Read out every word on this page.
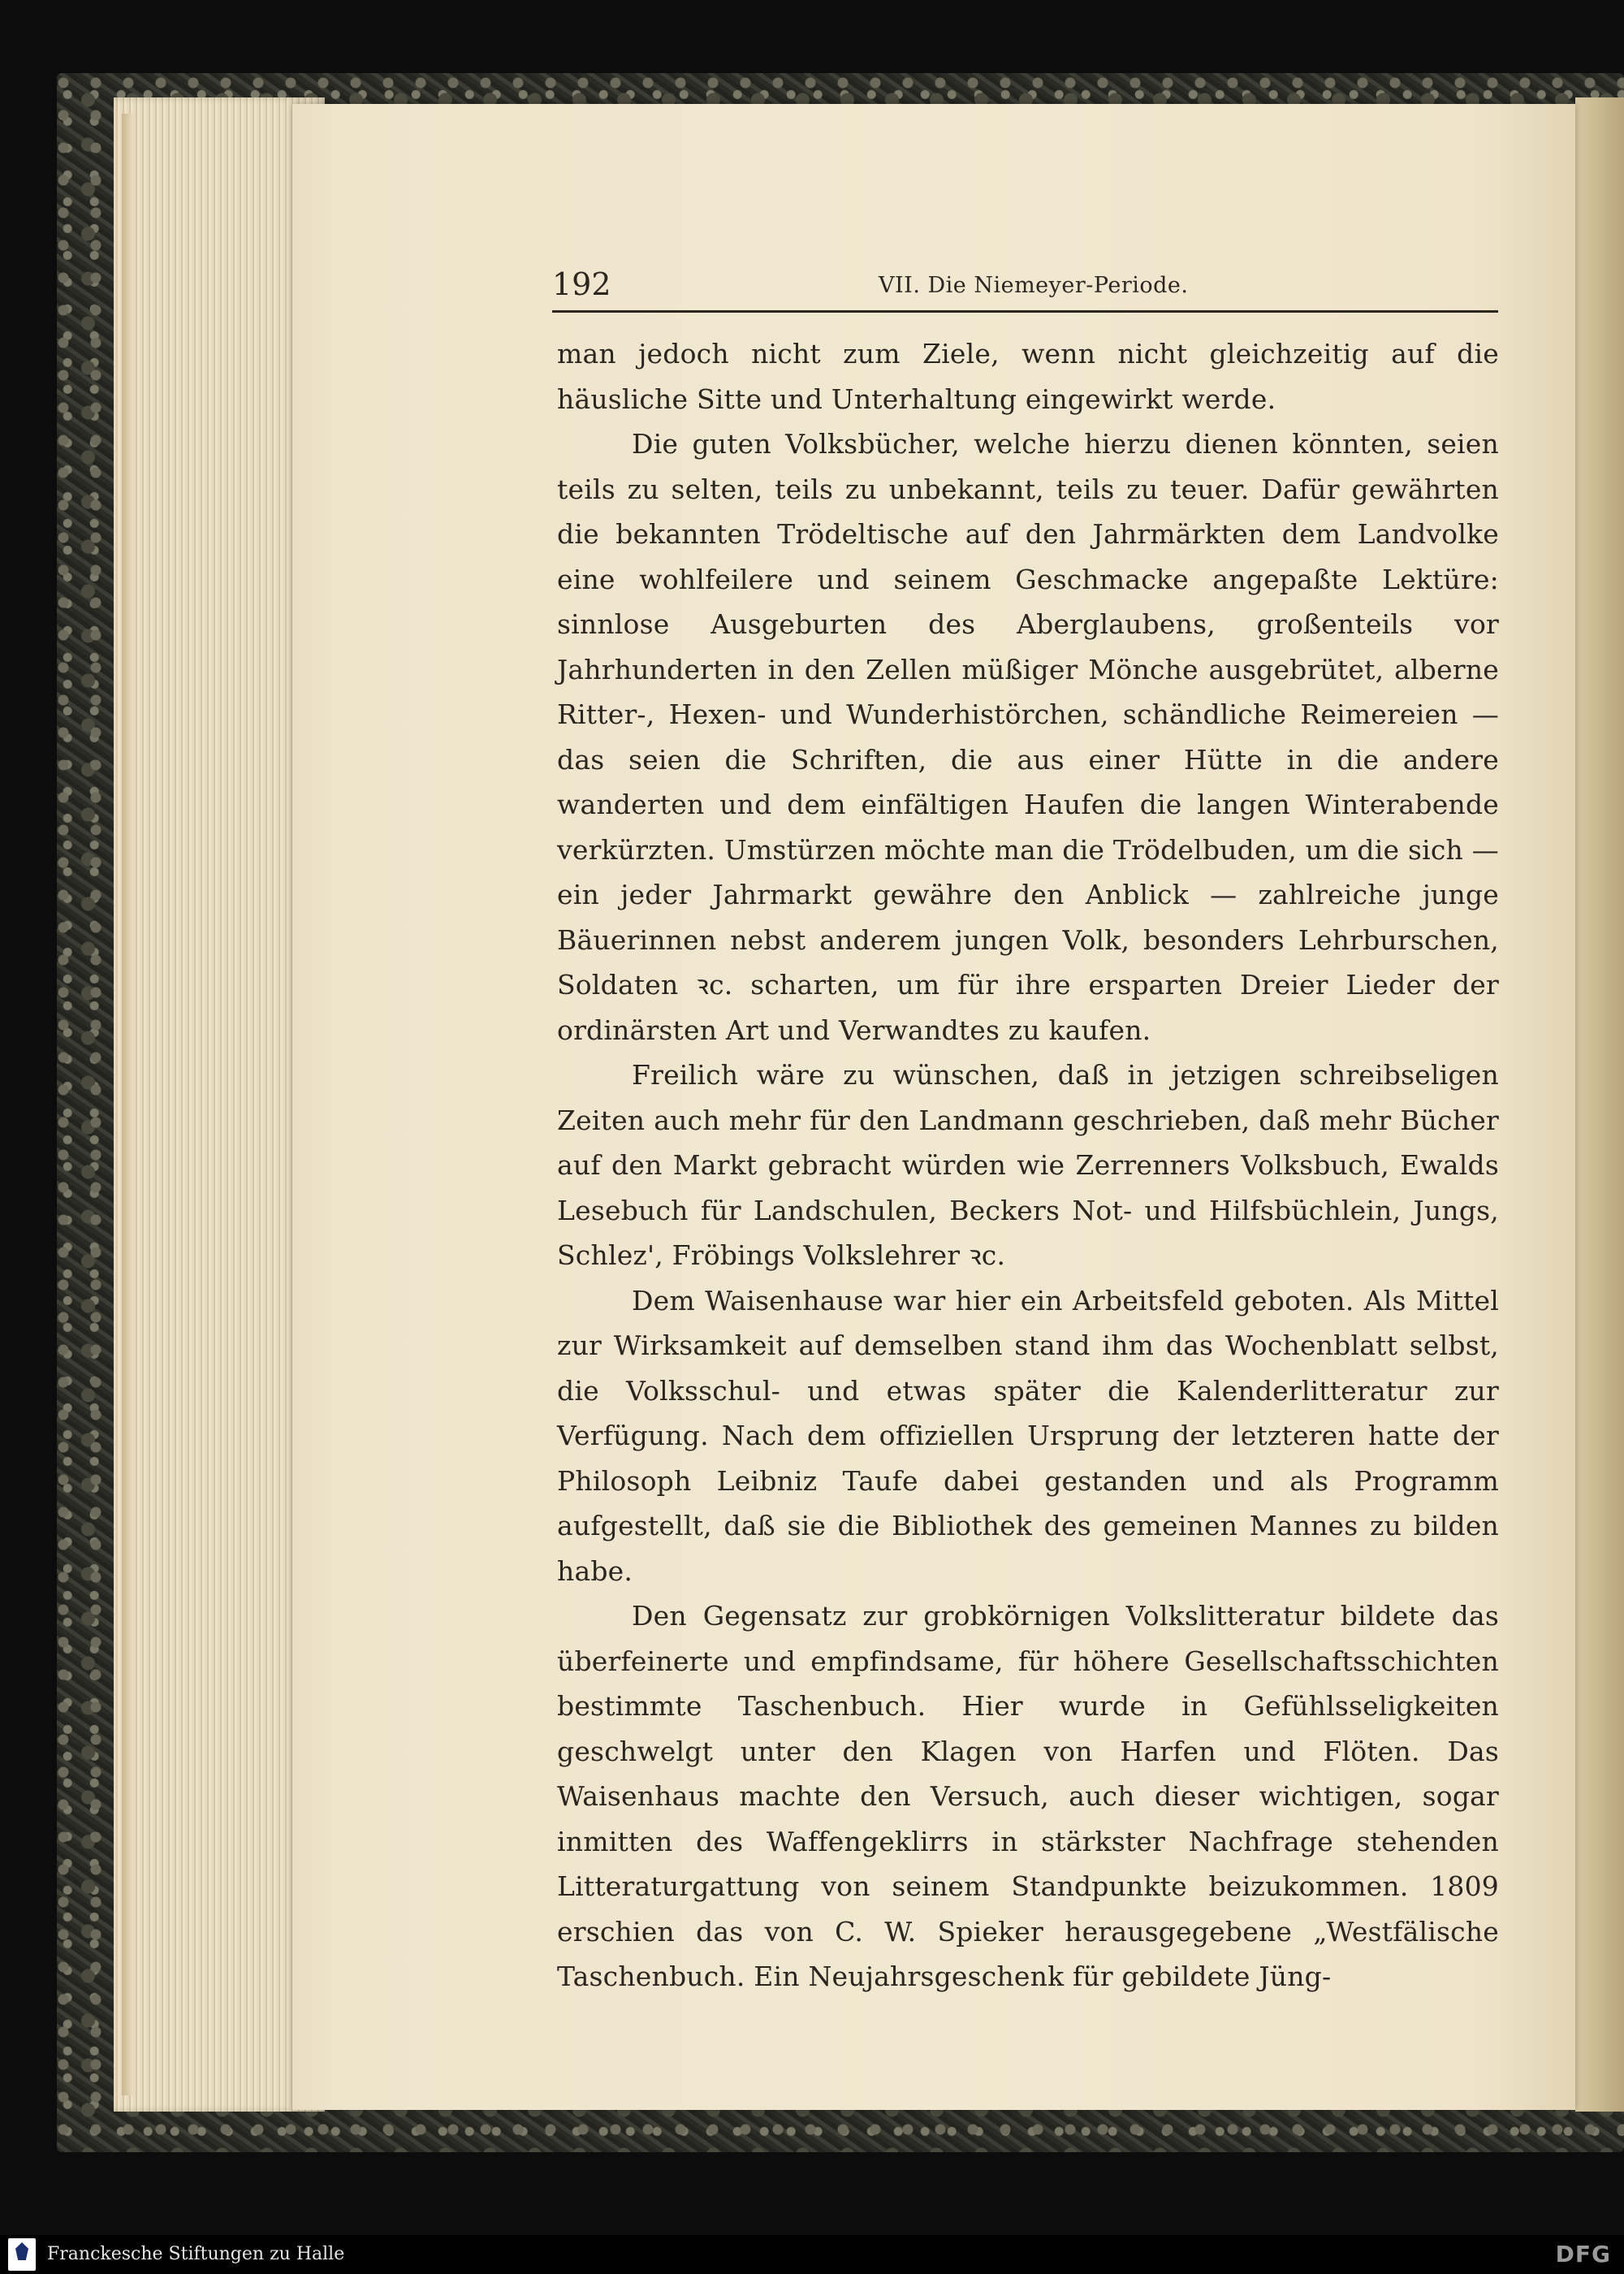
192	VII. Die Niemeyer-Periode.

man jedoch nicht zum Ziele, wenn nicht gleichzeitig auf die häusliche Sitte und Unterhaltung eingewirkt werde.

Die guten Volksbücher, welche hierzu dienen könnten, seien teils zu selten, teils zu unbekannt, teils zu teuer. Dafür gewährten die bekannten Trödeltische auf den Jahrmärkten dem Landvolke eine wohlfeilere und seinem Geschmacke angepaßte Lektüre: sinnlose Ausgeburten des Aberglaubens, großenteils vor Jahrhunderten in den Zellen müßiger Mönche ausgebrütet, alberne Ritter-, Hexen- und Wunderhistörchen, schändliche Reimereien — das seien die Schriften, die aus einer Hütte in die andere wanderten und dem einfältigen Haufen die langen Winterabende verkürzten. Umstürzen möchte man die Trödelbuden, um die sich — ein jeder Jahrmarkt gewähre den Anblick — zahlreiche junge Bäuerinnen nebst anderem jungen Volk, besonders Lehrburschen, Soldaten ꝛc. scharten, um für ihre ersparten Dreier Lieder der ordinärsten Art und Verwandtes zu kaufen.

Freilich wäre zu wünschen, daß in jetzigen schreibseligen Zeiten auch mehr für den Landmann geschrieben, daß mehr Bücher auf den Markt gebracht würden wie Zerrenners Volksbuch, Ewalds Lesebuch für Landschulen, Beckers Not- und Hilfsbüchlein, Jungs, Schlez', Fröbings Volkslehrer ꝛc.

Dem Waisenhause war hier ein Arbeitsfeld geboten. Als Mittel zur Wirksamkeit auf demselben stand ihm das Wochenblatt selbst, die Volksschul- und etwas später die Kalenderlitteratur zur Verfügung. Nach dem offiziellen Ursprung der letzteren hatte der Philosoph Leibniz Taufe dabei gestanden und als Programm aufgestellt, daß sie die Bibliothek des gemeinen Mannes zu bilden habe.

Den Gegensatz zur grobkörnigen Volkslitteratur bildete das überfeinerte und empfindsame, für höhere Gesellschaftsschichten bestimmte Taschenbuch. Hier wurde in Gefühlsseligkeiten geschwelgt unter den Klagen von Harfen und Flöten. Das Waisenhaus machte den Versuch, auch dieser wichtigen, sogar inmitten des Waffengeklirrs in stärkster Nachfrage stehenden Litteraturgattung von seinem Standpunkte beizukommen. 1809 erschien das von C. W. Spieker herausgegebene „Westfälische Taschenbuch. Ein Neujahrsgeschenk für gebildete Jüng-

Franckesche Stiftungen zu Halle	DFG
